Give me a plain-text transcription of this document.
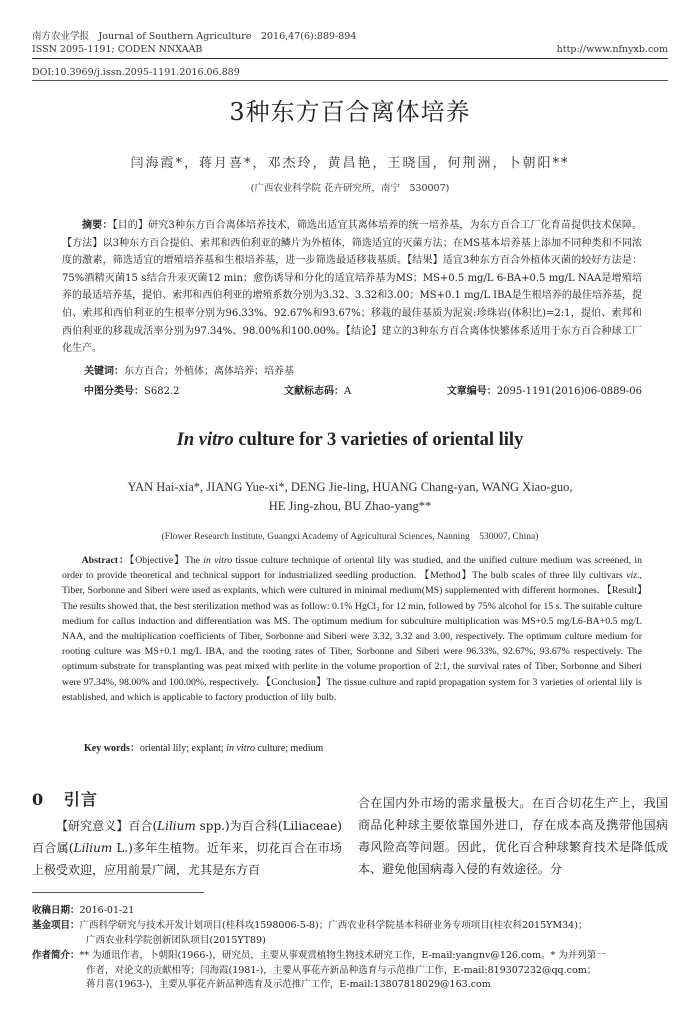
南方农业学报　Journal of Southern Agriculture　2016,47(6):889-894
ISSN 2095-1191; CODEN NNXAAB	http://www.nfnyxb.com
DOI:10.3969/j.issn.2095-1191.2016.06.889
3种东方百合离体培养
闫海霞*，蒋月喜*，邓杰玲，黄昌艳，王晓国，何荆洲，卜朝阳**
(广西农业科学院 花卉研究所，南宁　530007)
摘要：【目的】研究3种东方百合离体培养技术，筛选出适宜其离体培养的统一培养基，为东方百合工厂化育苗提供技术保障。【方法】以3种东方百合提伯、索邦和西伯利亚的鳞片为外植体，筛选适宜的灭菌方法；在MS基本培养基上添加不同种类和不同浓度的激素，筛选适宜的增殖培养基和生根培养基，进一步筛选最适移栽基质。【结果】适宜3种东方百合外植体灭菌的较好方法是：75%酒精灭菌15 s结合升汞灭菌12 min；愈伤诱导和分化的适宜培养基为MS；MS+0.5 mg/L 6-BA+0.5 mg/L NAA是增殖培养的最适培养基，提伯、索邦和西伯利亚的增殖系数分别为3.32、3.32和3.00；MS+0.1 mg/L IBA是生根培养的最佳培养基，提伯、索邦和西伯利亚的生根率分别为96.33%、92.67%和93.67%；移栽的最佳基质为泥炭:珍珠岩(体积比)=2:1，提伯、索邦和西伯利亚的移栽成活率分别为97.34%、98.00%和100.00%。【结论】建立的3种东方百合离体快繁体系适用于东方百合种球工厂化生产。
关键词：东方百合；外植体；离体培养；培养基
中图分类号：S682.2	文献标志码：A	文章编号：2095-1191(2016)06-0889-06
In vitro culture for 3 varieties of oriental lily
YAN Hai-xia*, JIANG Yue-xi*, DENG Jie-ling, HUANG Chang-yan, WANG Xiao-guo,
HE Jing-zhou, BU Zhao-yang**
(Flower Research Institute, Guangxi Academy of Agricultural Sciences, Nanning　530007, China)
Abstract：【Objective】The in vitro tissue culture technique of oriental lily was studied, and the unified culture medium was screened, in order to provide theoretical and technical support for industrialized seedling production. 【Method】The bulb scales of three lily cultivars viz., Tiber, Sorbonne and Siberi were used as explants, which were cultured in minimal medium(MS) supplemented with different hormones. 【Result】The results showed that, the best sterilization method was as follow: 0.1% HgCl₂ for 12 min, followed by 75% alcohol for 15 s. The suitable culture medium for callus induction and differentiation was MS. The optimum medium for subculture multiplication was MS+0.5 mg/L6-BA+0.5 mg/L NAA, and the multiplication coefficients of Tiber, Sorbonne and Siberi were 3.32, 3.32 and 3.00, respectively. The optimum culture medium for rooting culture was MS+0.1 mg/L IBA, and the rooting rates of Tiber, Sorbonne and Siberi were 96.33%, 92.67%, 93.67% respectively. The optimum substrate for transplanting was peat mixed with perlite in the volume proportion of 2:1, the survival rates of Tiber, Sorbonne and Siberi were 97.34%, 98.00% and 100.00%, respectively. 【Conclusion】The tissue culture and rapid propagation system for 3 varieties of oriental lily is established, and which is applicable to factory production of lily bulb.
Key words：oriental lily; explant; in vitro culture; medium
0 引言
【研究意义】百合(Lilium spp.)为百合科(Liliaceae)百合属(Lilium L.)多年生植物。近年来，切花百合在市场上极受欢迎，应用前景广阔，尤其是东方百
合在国内外市场的需求量极大。在百合切花生产上，我国商品化种球主要依靠国外进口，存在成本高及携带他国病毒风险高等问题。因此，优化百合种球繁育技术是降低成本、避免他国病毒入侵的有效途径。分
收稿日期：2016-01-21
基金项目：广西科学研究与技术开发计划项目(桂科攻1598006-5-8)；广西农业科学院基本科研业务专项项目(桂农科2015YM34)；
广西农业科学院创新团队项目(2015YT89)
作者简介：** 为通讯作者，卜朝阳(1966-)，研究员，主要从事观赏植物生物技术研究工作，E-mail:yangnv@126.com。* 为并列第一
作者，对论文的贡献相等；闫海霞(1981-)，主要从事花卉新品种选育与示范推广工作，E-mail:819307232@qq.com；
蒋月喜(1963-)，主要从事花卉新品种选育及示范推广工作，E-mail:13807818029@163.com
